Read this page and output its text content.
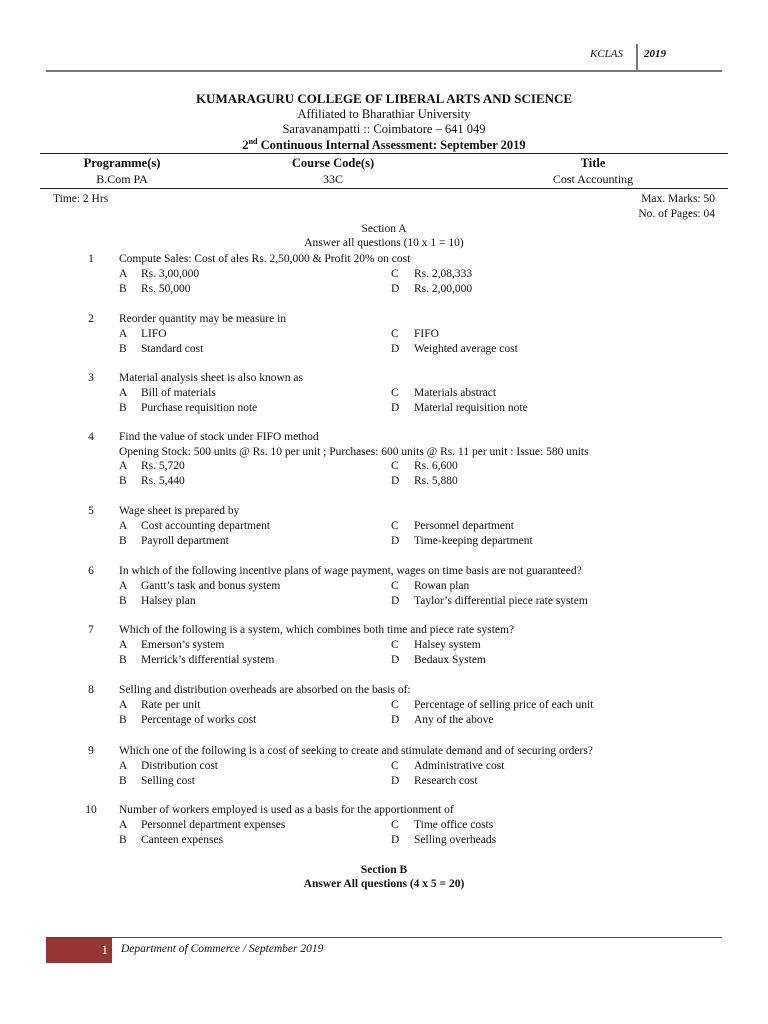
KCLAS 2019
KUMARAGURU COLLEGE OF LIBERAL ARTS AND SCIENCE
Affiliated to Bharathiar University
Saravanampatti :: Coimbatore – 641 049
2nd Continuous Internal Assessment: September 2019
Programme(s)	Course Code(s)	Title
B.Com PA	33C	Cost Accounting
Time: 2 Hrs	Max. Marks: 50
No. of Pages: 04
Section A
Answer all questions (10 x 1 = 10)
1	Compute Sales: Cost of ales Rs. 2,50,000 & Profit 20% on cost
A Rs. 3,00,000
B Rs. 50,000
C Rs. 2,08,333
D Rs. 2,00,000
2	Reorder quantity may be measure in
A LIFO
B Standard cost
C FIFO
D Weighted average cost
3	Material analysis sheet is also known as
A Bill of materials
B Purchase requisition note
C Materials abstract
D Material requisition note
4	Find the value of stock under FIFO method
Opening Stock: 500 units @ Rs. 10 per unit ; Purchases: 600 units @ Rs. 11 per unit : Issue: 580 units
A Rs. 5,720
B Rs. 5,440
C Rs. 6,600
D Rs. 5,880
5	Wage sheet is prepared by
A Cost accounting department
B Payroll department
C Personnel department
D Time-keeping department
6	In which of the following incentive plans of wage payment, wages on time basis are not guaranteed?
A Gantt’s task and bonus system
B Halsey plan
C Rowan plan
D Taylor’s differential piece rate system
7	Which of the following is a system, which combines both time and piece rate system?
A Emerson’s system
B Merrick’s differential system
C Halsey system
D Bedaux System
8	Selling and distribution overheads are absorbed on the basis of:
A Rate per unit
B Percentage of works cost
C Percentage of selling price of each unit
D Any of the above
9	Which one of the following is a cost of seeking to create and stimulate demand and of securing orders?
A Distribution cost
B Selling cost
C Administrative cost
D Research cost
10	Number of workers employed is used as a basis for the apportionment of
A Personnel department expenses
B Canteen expenses
C Time office costs
D Selling overheads
Section B
Answer All questions (4 x 5 = 20)
1 Department of Commerce / September 2019
